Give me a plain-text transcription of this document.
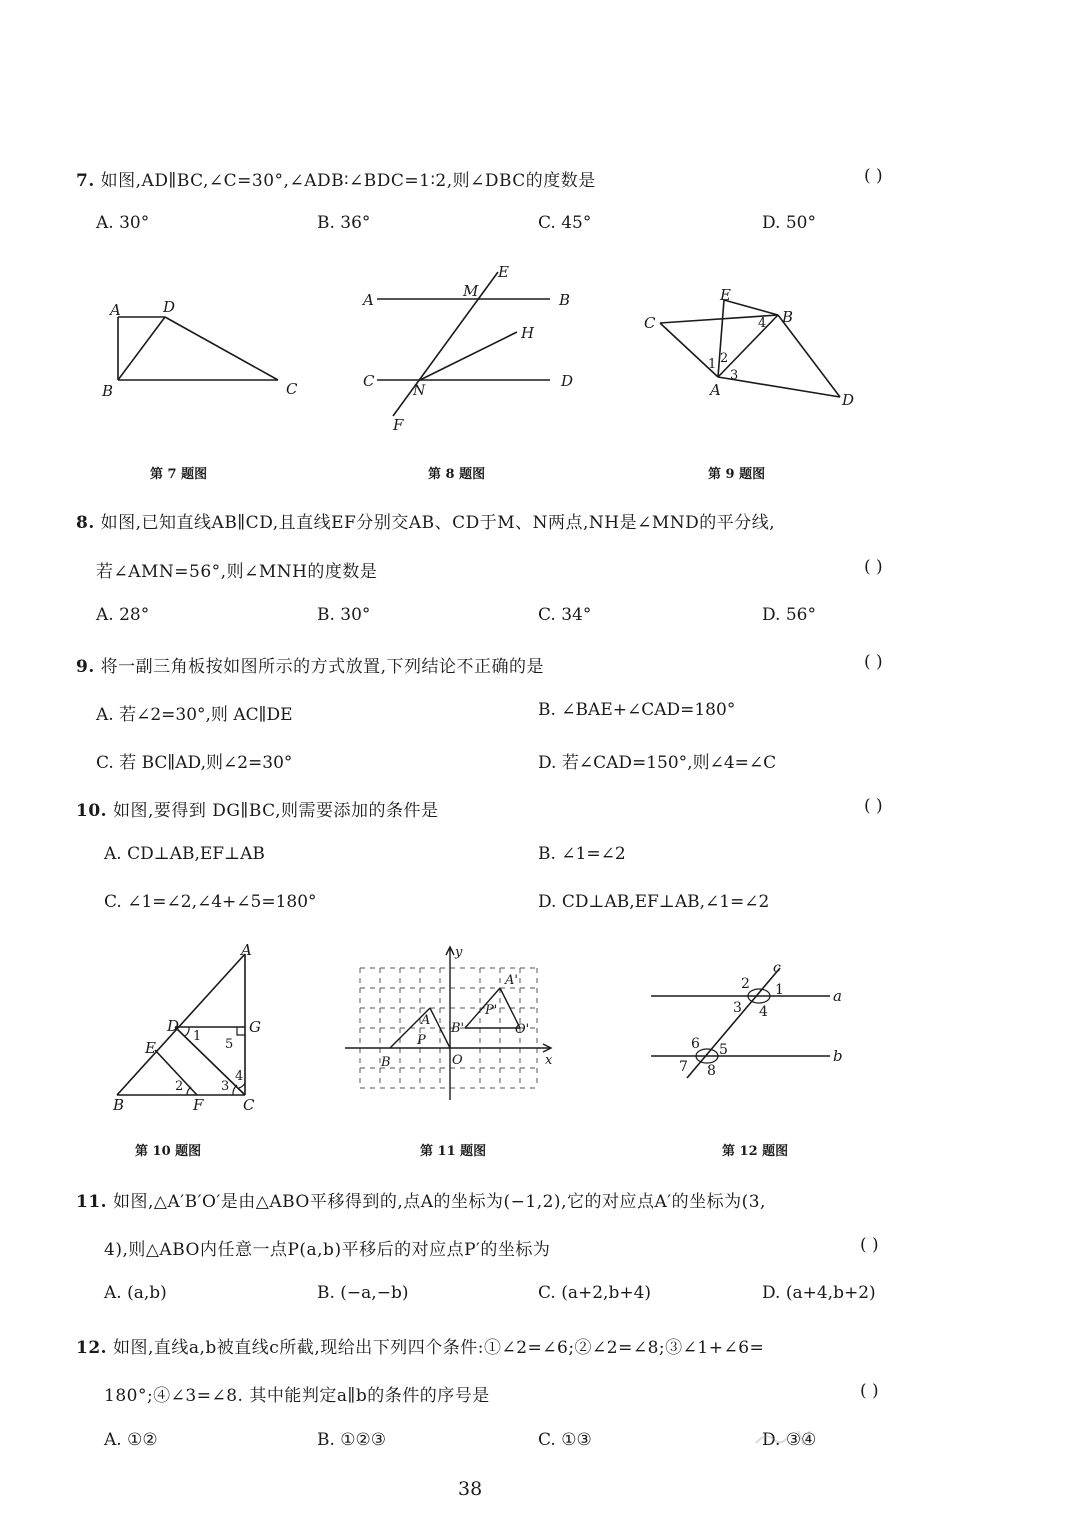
7. 如图,AD∥BC,∠C=30°,∠ADB∶∠BDC=1∶2,则∠DBC的度数是	( )
A. 30°	B. 36°	C. 45°	D. 50°
A	D
B	C
第 7 题图
A	B
M
E
H
C
N
D
F
第 8 题图
C
E
B
4
1 2
3
A
D
第 9 题图
8. 如图,已知直线AB∥CD,且直线EF分别交AB、CD于M、N两点,NH是∠MND的平分线,
若∠AMN=56°,则∠MNH的度数是	( )
A. 28°	B. 30°	C. 34°	D. 56°
9. 将一副三角板按如图所示的方式放置,下列结论不正确的是	( )
A. 若∠2=30°,则 AC∥DE	B. ∠BAE+∠CAD=180°
C. 若 BC∥AD,则∠2=30°	D. 若∠CAD=150°,则∠4=∠C
10. 如图,要得到 DG∥BC,则需要添加的条件是	( )
A. CD⊥AB,EF⊥AB	B. ∠1=∠2
C. ∠1=∠2,∠4+∠5=180°	D. CD⊥AB,EF⊥AB,∠1=∠2
A
D	G
E
1
5
2	3
4
B	F	C
第 10 题图
y
x
O
A
B
P
A'
B'	O'
P'
第 11 题图
c
a
b
2 1
3 4
6 5
7 8
第 12 题图
11. 如图,△A′B′O′是由△ABO平移得到的,点A的坐标为(−1,2),它的对应点A′的坐标为(3,
4),则△ABO内任意一点P(a,b)平移后的对应点P′的坐标为	( )
A. (a,b)	B. (−a,−b)	C. (a+2,b+4)	D. (a+4,b+2)
12. 如图,直线a,b被直线c所截,现给出下列四个条件:①∠2=∠6;②∠2=∠8;③∠1+∠6=
180°;④∠3=∠8. 其中能判定a∥b的条件的序号是	( )
A. ①②	B. ①②③	C. ①③	D. ③④
38
